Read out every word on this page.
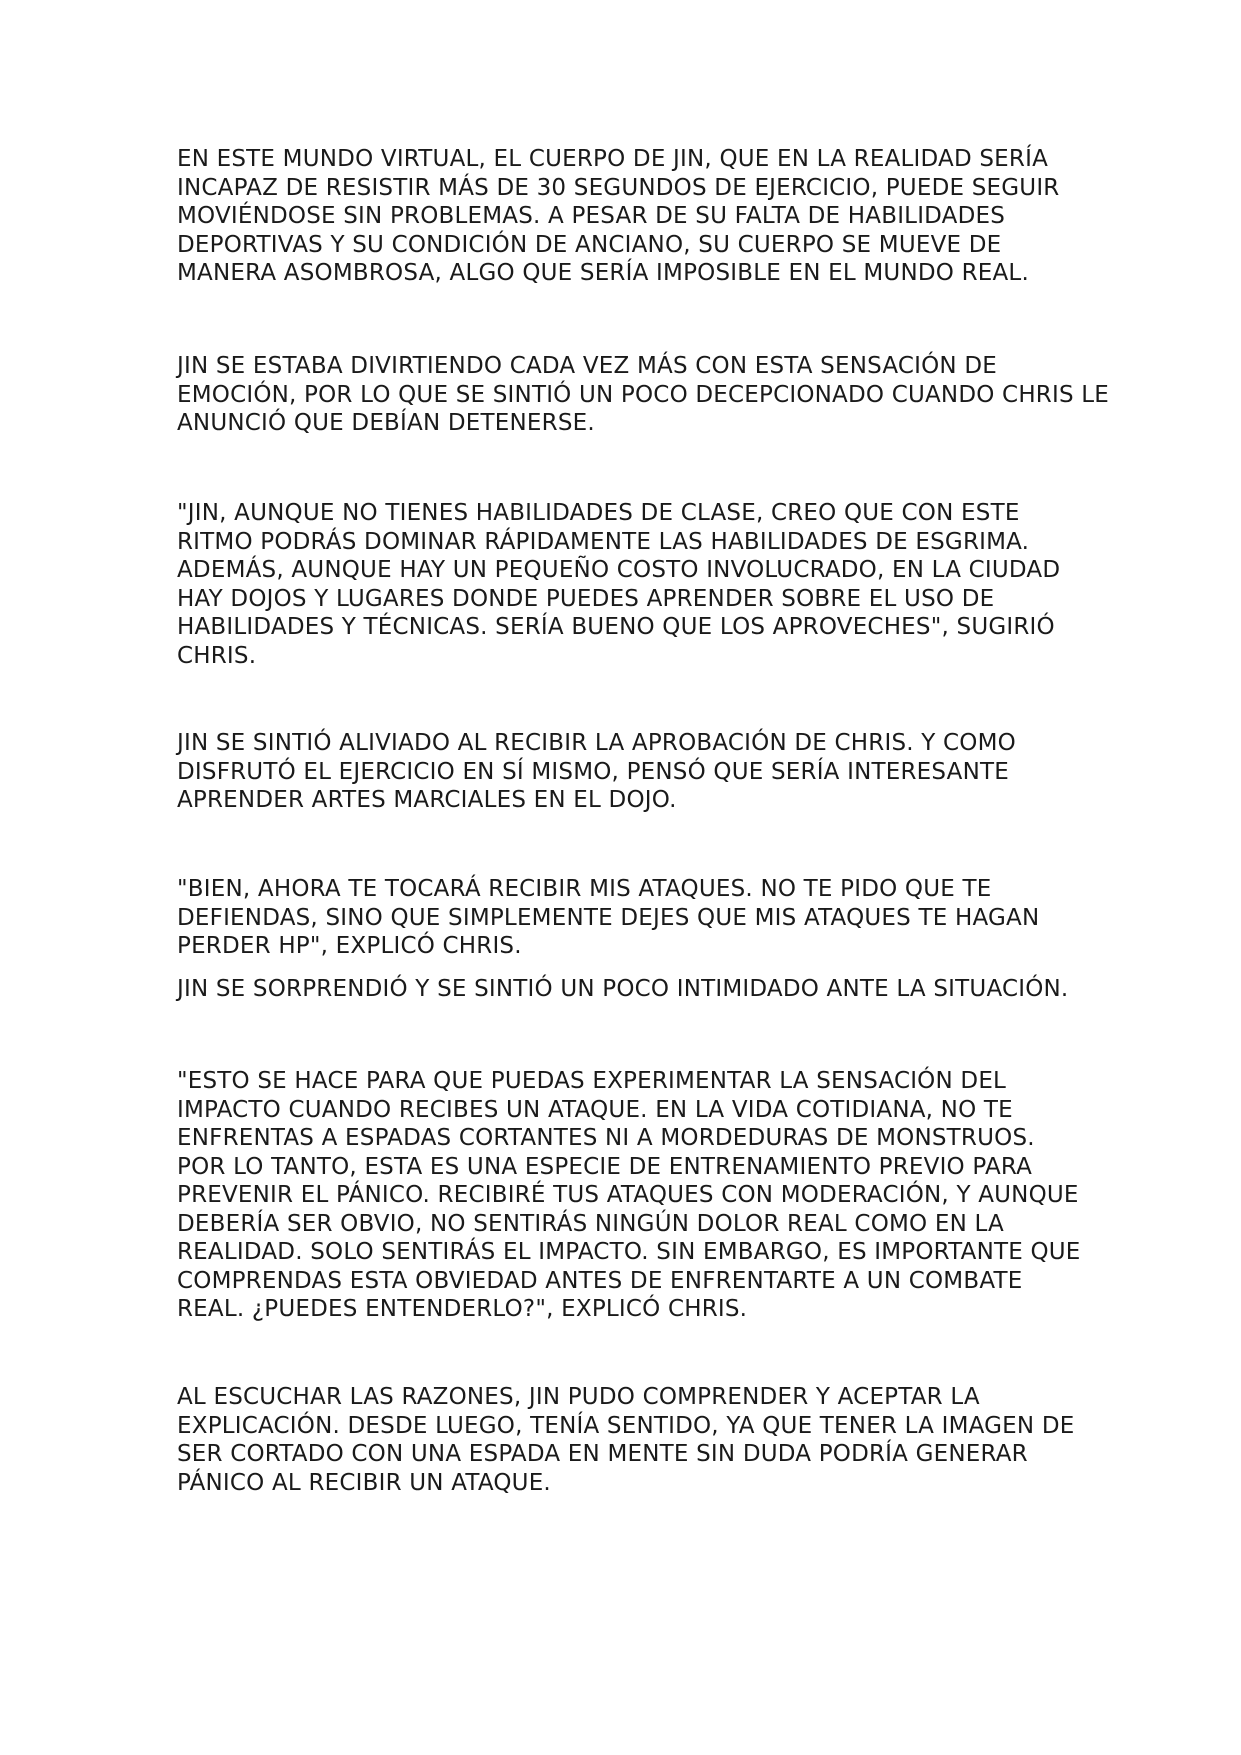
EN ESTE MUNDO VIRTUAL, EL CUERPO DE JIN, QUE EN LA REALIDAD SERÍA
INCAPAZ DE RESISTIR MÁS DE 30 SEGUNDOS DE EJERCICIO, PUEDE SEGUIR
MOVIÉNDOSE SIN PROBLEMAS. A PESAR DE SU FALTA DE HABILIDADES
DEPORTIVAS Y SU CONDICIÓN DE ANCIANO, SU CUERPO SE MUEVE DE
MANERA ASOMBROSA, ALGO QUE SERÍA IMPOSIBLE EN EL MUNDO REAL.

JIN SE ESTABA DIVIRTIENDO CADA VEZ MÁS CON ESTA SENSACIÓN DE
EMOCIÓN, POR LO QUE SE SINTIÓ UN POCO DECEPCIONADO CUANDO CHRIS LE
ANUNCIÓ QUE DEBÍAN DETENERSE.

"JIN, AUNQUE NO TIENES HABILIDADES DE CLASE, CREO QUE CON ESTE
RITMO PODRÁS DOMINAR RÁPIDAMENTE LAS HABILIDADES DE ESGRIMA.
ADEMÁS, AUNQUE HAY UN PEQUEÑO COSTO INVOLUCRADO, EN LA CIUDAD
HAY DOJOS Y LUGARES DONDE PUEDES APRENDER SOBRE EL USO DE
HABILIDADES Y TÉCNICAS. SERÍA BUENO QUE LOS APROVECHES", SUGIRIÓ
CHRIS.

JIN SE SINTIÓ ALIVIADO AL RECIBIR LA APROBACIÓN DE CHRIS. Y COMO
DISFRUTÓ EL EJERCICIO EN SÍ MISMO, PENSÓ QUE SERÍA INTERESANTE
APRENDER ARTES MARCIALES EN EL DOJO.

"BIEN, AHORA TE TOCARÁ RECIBIR MIS ATAQUES. NO TE PIDO QUE TE
DEFIENDAS, SINO QUE SIMPLEMENTE DEJES QUE MIS ATAQUES TE HAGAN
PERDER HP", EXPLICÓ CHRIS.

JIN SE SORPRENDIÓ Y SE SINTIÓ UN POCO INTIMIDADO ANTE LA SITUACIÓN.

"ESTO SE HACE PARA QUE PUEDAS EXPERIMENTAR LA SENSACIÓN DEL
IMPACTO CUANDO RECIBES UN ATAQUE. EN LA VIDA COTIDIANA, NO TE
ENFRENTAS A ESPADAS CORTANTES NI A MORDEDURAS DE MONSTRUOS.
POR LO TANTO, ESTA ES UNA ESPECIE DE ENTRENAMIENTO PREVIO PARA
PREVENIR EL PÁNICO. RECIBIRÉ TUS ATAQUES CON MODERACIÓN, Y AUNQUE
DEBERÍA SER OBVIO, NO SENTIRÁS NINGÚN DOLOR REAL COMO EN LA
REALIDAD. SOLO SENTIRÁS EL IMPACTO. SIN EMBARGO, ES IMPORTANTE QUE
COMPRENDAS ESTA OBVIEDAD ANTES DE ENFRENTARTE A UN COMBATE
REAL. ¿PUEDES ENTENDERLO?", EXPLICÓ CHRIS.

AL ESCUCHAR LAS RAZONES, JIN PUDO COMPRENDER Y ACEPTAR LA
EXPLICACIÓN. DESDE LUEGO, TENÍA SENTIDO, YA QUE TENER LA IMAGEN DE
SER CORTADO CON UNA ESPADA EN MENTE SIN DUDA PODRÍA GENERAR
PÁNICO AL RECIBIR UN ATAQUE.
